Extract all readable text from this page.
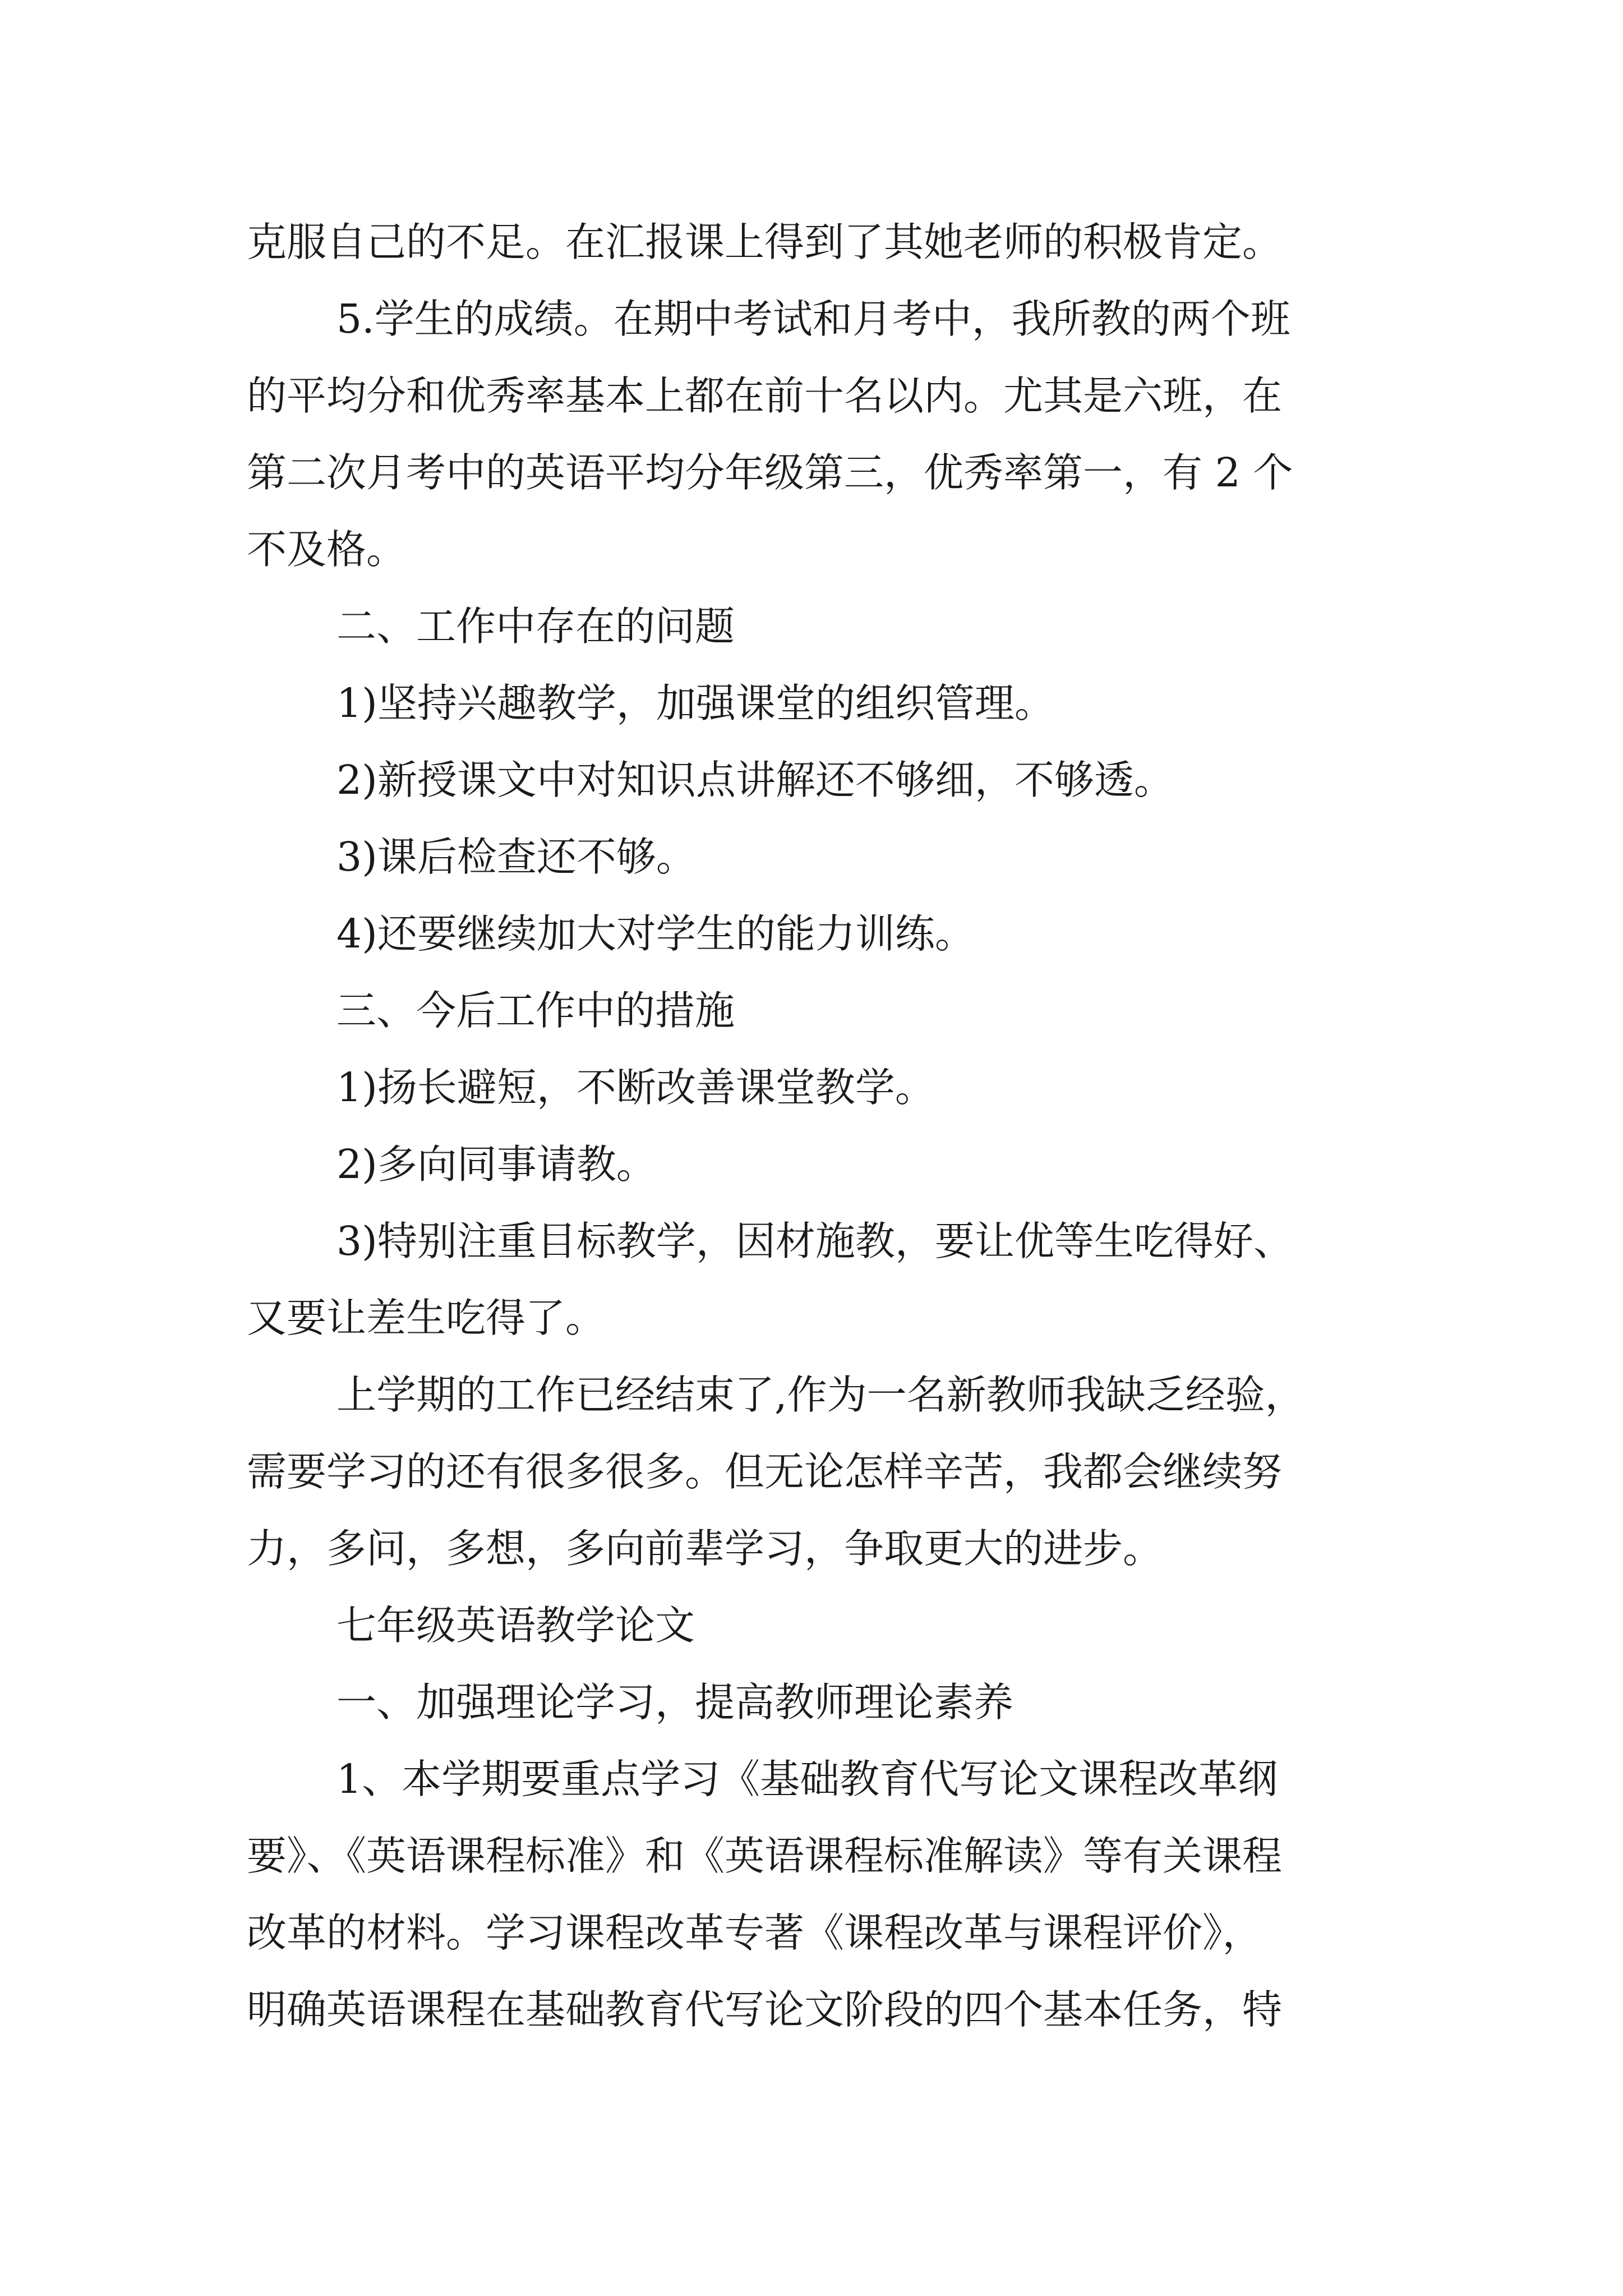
克服自己的不足。在汇报课上得到了其她老师的积极肯定。
5.学生的成绩。在期中考试和月考中，我所教的两个班
的平均分和优秀率基本上都在前十名以内。尤其是六班，在
第二次月考中的英语平均分年级第三，优秀率第一，有 2 个
不及格。
二、工作中存在的问题
1)坚持兴趣教学，加强课堂的组织管理。
2)新授课文中对知识点讲解还不够细，不够透。
3)课后检查还不够。
4)还要继续加大对学生的能力训练。
三、今后工作中的措施
1)扬长避短，不断改善课堂教学。
2)多向同事请教。
3)特别注重目标教学，因材施教，要让优等生吃得好、
又要让差生吃得了。
上学期的工作已经结束了,作为一名新教师我缺乏经验，
需要学习的还有很多很多。但无论怎样辛苦，我都会继续努
力，多问，多想，多向前辈学习，争取更大的进步。
七年级英语教学论文
一、加强理论学习，提高教师理论素养
1、本学期要重点学习《基础教育代写论文课程改革纲
要》、《英语课程标准》和《英语课程标准解读》等有关课程
改革的材料。学习课程改革专著《课程改革与课程评价》，
明确英语课程在基础教育代写论文阶段的四个基本任务，特
